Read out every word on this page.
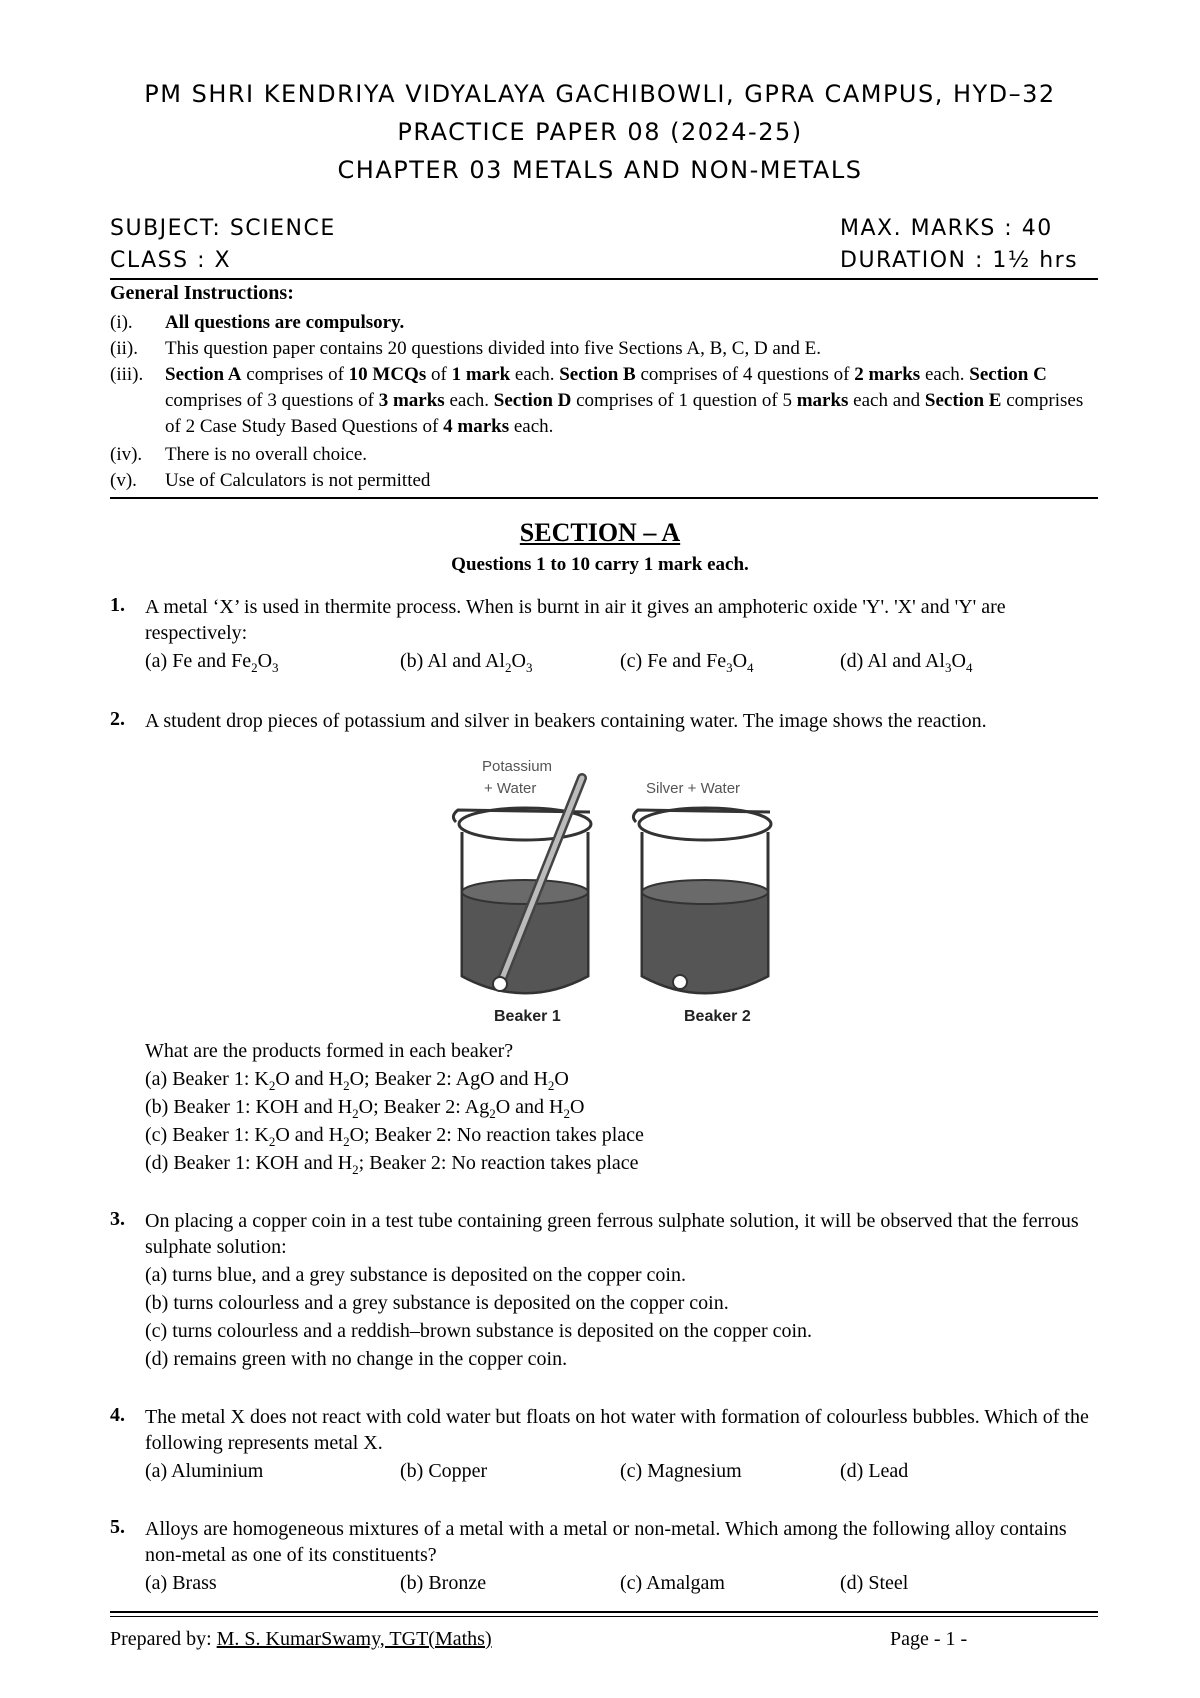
PM SHRI KENDRIYA VIDYALAYA GACHIBOWLI, GPRA CAMPUS, HYD–32
PRACTICE PAPER 08 (2024-25)
CHAPTER 03 METALS AND NON-METALS
SUBJECT: SCIENCE	MAX. MARKS : 40
CLASS : X	DURATION : 1½ hrs
General Instructions:
(i). All questions are compulsory.
(ii). This question paper contains 20 questions divided into five Sections A, B, C, D and E.
(iii). Section A comprises of 10 MCQs of 1 mark each. Section B comprises of 4 questions of 2 marks each. Section C comprises of 3 questions of 3 marks each. Section D comprises of 1 question of 5 marks each and Section E comprises of 2 Case Study Based Questions of 4 marks each.
(iv). There is no overall choice.
(v). Use of Calculators is not permitted
SECTION – A
Questions 1 to 10 carry 1 mark each.
1. A metal ‘X’ is used in thermite process. When is burnt in air it gives an amphoteric oxide 'Y'. 'X' and 'Y' are respectively:
(a) Fe and $Fe_2O_3$	(b) Al and $Al_2O_3$	(c) Fe and $Fe_3O_4$	(d) Al and $Al_3O_4$
2. A student drop pieces of potassium and silver in beakers containing water. The image shows the reaction.
Potassium
+ Water	Silver + Water
Beaker 1	Beaker 2
What are the products formed in each beaker?
(a) Beaker 1: $K_2O$ and $H_2O$; Beaker 2: AgO and $H_2O$
(b) Beaker 1: KOH and $H_2O$; Beaker 2: $Ag_2O$ and $H_2O$
(c) Beaker 1: $K_2O$ and $H_2O$; Beaker 2: No reaction takes place
(d) Beaker 1: KOH and $H_2$; Beaker 2: No reaction takes place
3. On placing a copper coin in a test tube containing green ferrous sulphate solution, it will be observed that the ferrous sulphate solution:
(a) turns blue, and a grey substance is deposited on the copper coin.
(b) turns colourless and a grey substance is deposited on the copper coin.
(c) turns colourless and a reddish–brown substance is deposited on the copper coin.
(d) remains green with no change in the copper coin.
4. The metal X does not react with cold water but floats on hot water with formation of colourless bubbles. Which of the following represents metal X.
(a) Aluminium	(b) Copper	(c) Magnesium	(d) Lead
5. Alloys are homogeneous mixtures of a metal with a metal or non-metal. Which among the following alloy contains non-metal as one of its constituents?
(a) Brass	(b) Bronze	(c) Amalgam	(d) Steel
Prepared by: M. S. KumarSwamy, TGT(Maths)	Page - 1 -
